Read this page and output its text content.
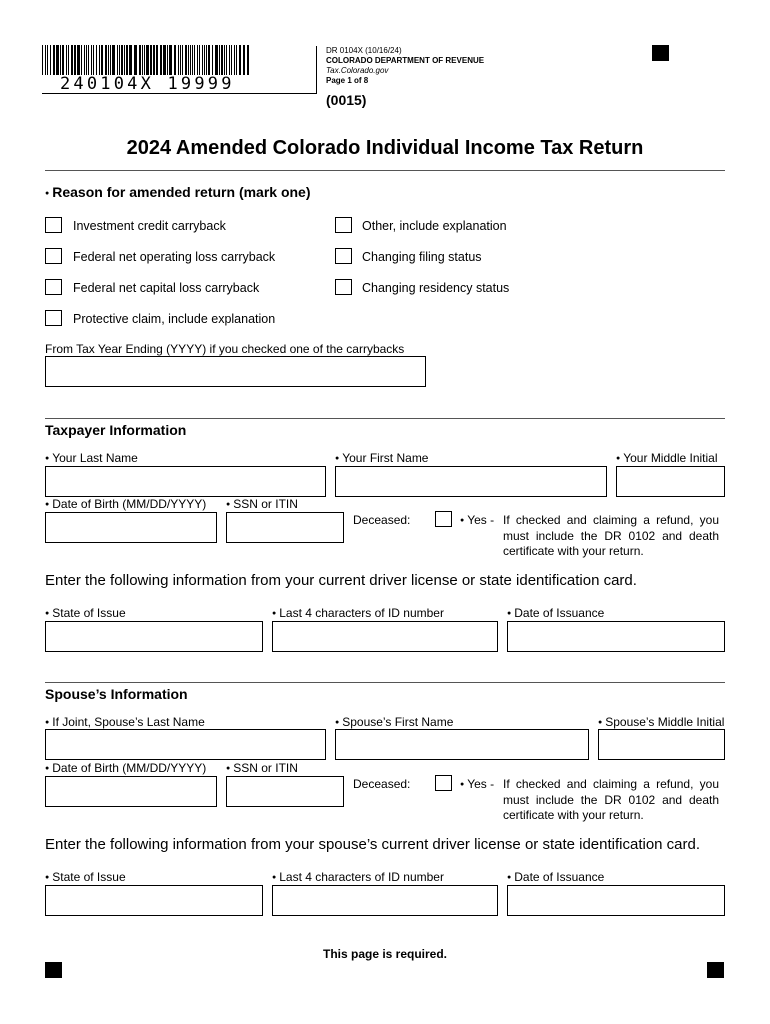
240104X 19999
DR 0104X (10/16/24)
COLORADO DEPARTMENT OF REVENUE
Tax.Colorado.gov
Page 1 of 8
(0015)
2024 Amended Colorado Individual Income Tax Return
● Reason for amended return (mark one)
Investment credit carryback	Other, include explanation
Federal net operating loss carryback	Changing filing status
Federal net capital loss carryback	Changing residency status
Protective claim, include explanation
From Tax Year Ending (YYYY) if you checked one of the carrybacks
Taxpayer Information
● Your Last Name	● Your First Name	● Your Middle Initial
● Date of Birth (MM/DD/YYYY)	● SSN or ITIN
Deceased:	● Yes - If checked and claiming a refund, you must include the DR 0102 and death certificate with your return.
Enter the following information from your current driver license or state identification card.
● State of Issue	● Last 4 characters of ID number	● Date of Issuance
Spouse’s Information
● If Joint, Spouse’s Last Name	● Spouse’s First Name	● Spouse’s Middle Initial
● Date of Birth (MM/DD/YYYY)	● SSN or ITIN
Deceased:	● Yes - If checked and claiming a refund, you must include the DR 0102 and death certificate with your return.
Enter the following information from your spouse’s current driver license or state identification card.
● State of Issue	● Last 4 characters of ID number	● Date of Issuance
This page is required.
